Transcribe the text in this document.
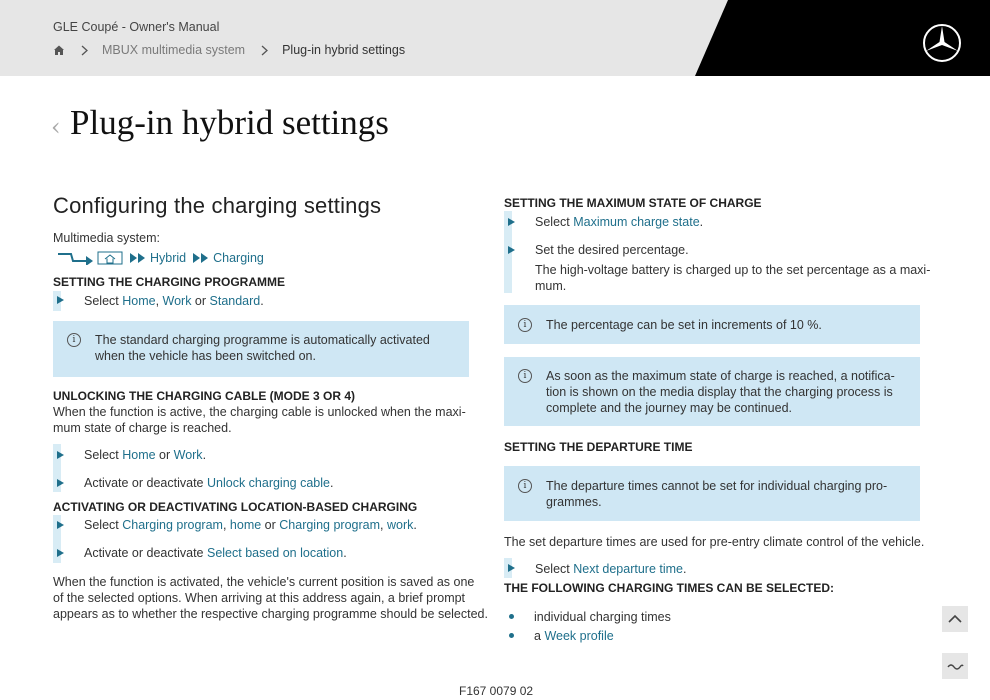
GLE Coupé - Owner's Manual
MBUX multimedia system	Plug-in hybrid settings
‹ Plug-in hybrid settings
Configuring the charging settings
Multimedia system:
Hybrid Charging
SETTING THE CHARGING PROGRAMME
Select Home, Work or Standard.
i	The standard charging programme is automatically activated
when the vehicle has been switched on.
UNLOCKING THE CHARGING CABLE (MODE 3 OR 4)
When the function is active, the charging cable is unlocked when the maxi-
mum state of charge is reached.
Select Home or Work.
Activate or deactivate Unlock charging cable.
ACTIVATING OR DEACTIVATING LOCATION-BASED CHARGING
Select Charging program, home or Charging program, work.
Activate or deactivate Select based on location.
When the function is activated, the vehicle's current position is saved as one
of the selected options. When arriving at this address again, a brief prompt
appears as to whether the respective charging programme should be selected.
SETTING THE MAXIMUM STATE OF CHARGE
Select Maximum charge state.
Set the desired percentage.
The high-voltage battery is charged up to the set percentage as a maxi-
mum.
i	The percentage can be set in increments of 10 %.
i	As soon as the maximum state of charge is reached, a notifica-
tion is shown on the media display that the charging process is
complete and the journey may be continued.
SETTING THE DEPARTURE TIME
i	The departure times cannot be set for individual charging pro-
grammes.
The set departure times are used for pre-entry climate control of the vehicle.
Select Next departure time.
THE FOLLOWING CHARGING TIMES CAN BE SELECTED:
individual charging times
a Week profile
F167 0079 02
